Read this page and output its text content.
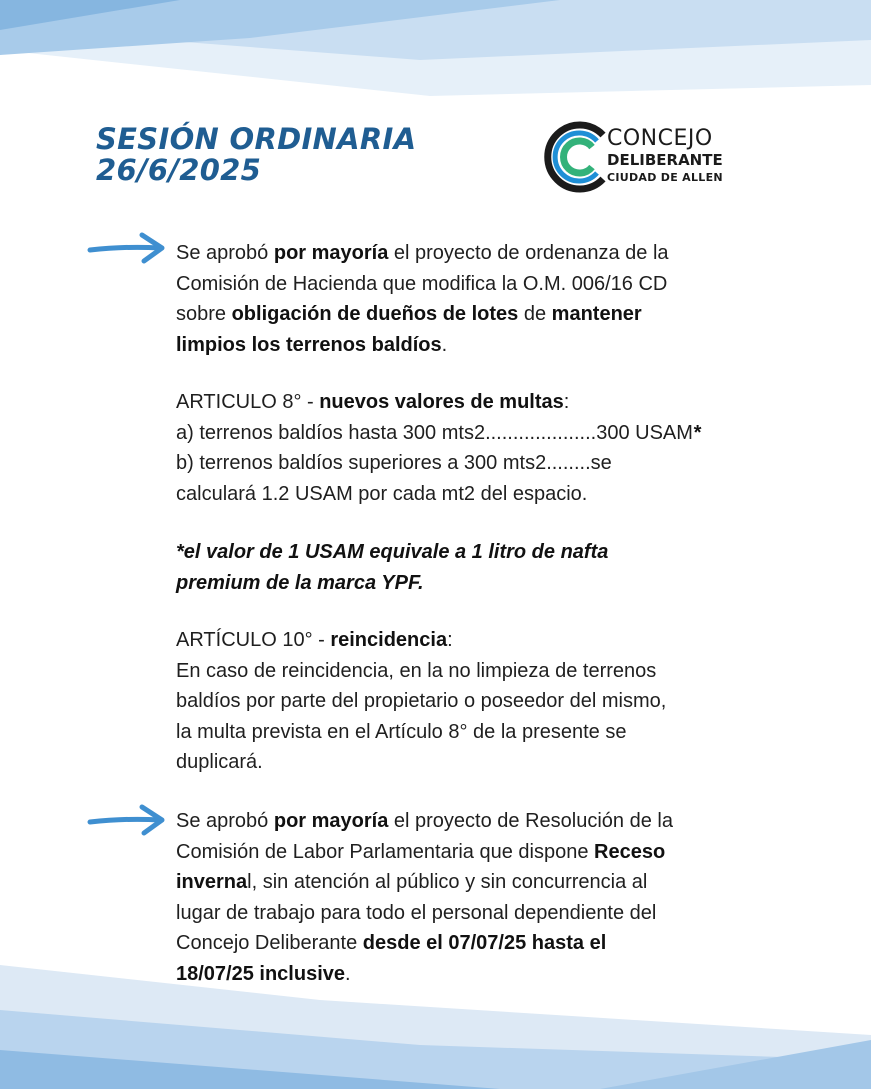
SESIÓN ORDINARIA
26/6/2025
CONCEJO
DELIBERANTE
CIUDAD DE ALLEN
Se aprobó por mayoría el proyecto de ordenanza de la
Comisión de Hacienda que modifica la O.M. 006/16 CD
sobre obligación de dueños de lotes de mantener
limpios los terrenos baldíos.
ARTICULO 8° - nuevos valores de multas:
a) terrenos baldíos hasta 300 mts2....................300 USAM*
b) terrenos baldíos superiores a 300 mts2........se
calculará 1.2 USAM por cada mt2 del espacio.
*el valor de 1 USAM equivale a 1 litro de nafta
premium de la marca YPF.
ARTÍCULO 10° - reincidencia:
En caso de reincidencia, en la no limpieza de terrenos
baldíos por parte del propietario o poseedor del mismo,
la multa prevista en el Artículo 8° de la presente se
duplicará.
Se aprobó por mayoría el proyecto de Resolución de la
Comisión de Labor Parlamentaria que dispone Receso
invernal, sin atención al público y sin concurrencia al
lugar de trabajo para todo el personal dependiente del
Concejo Deliberante desde el 07/07/25 hasta el
18/07/25 inclusive.
